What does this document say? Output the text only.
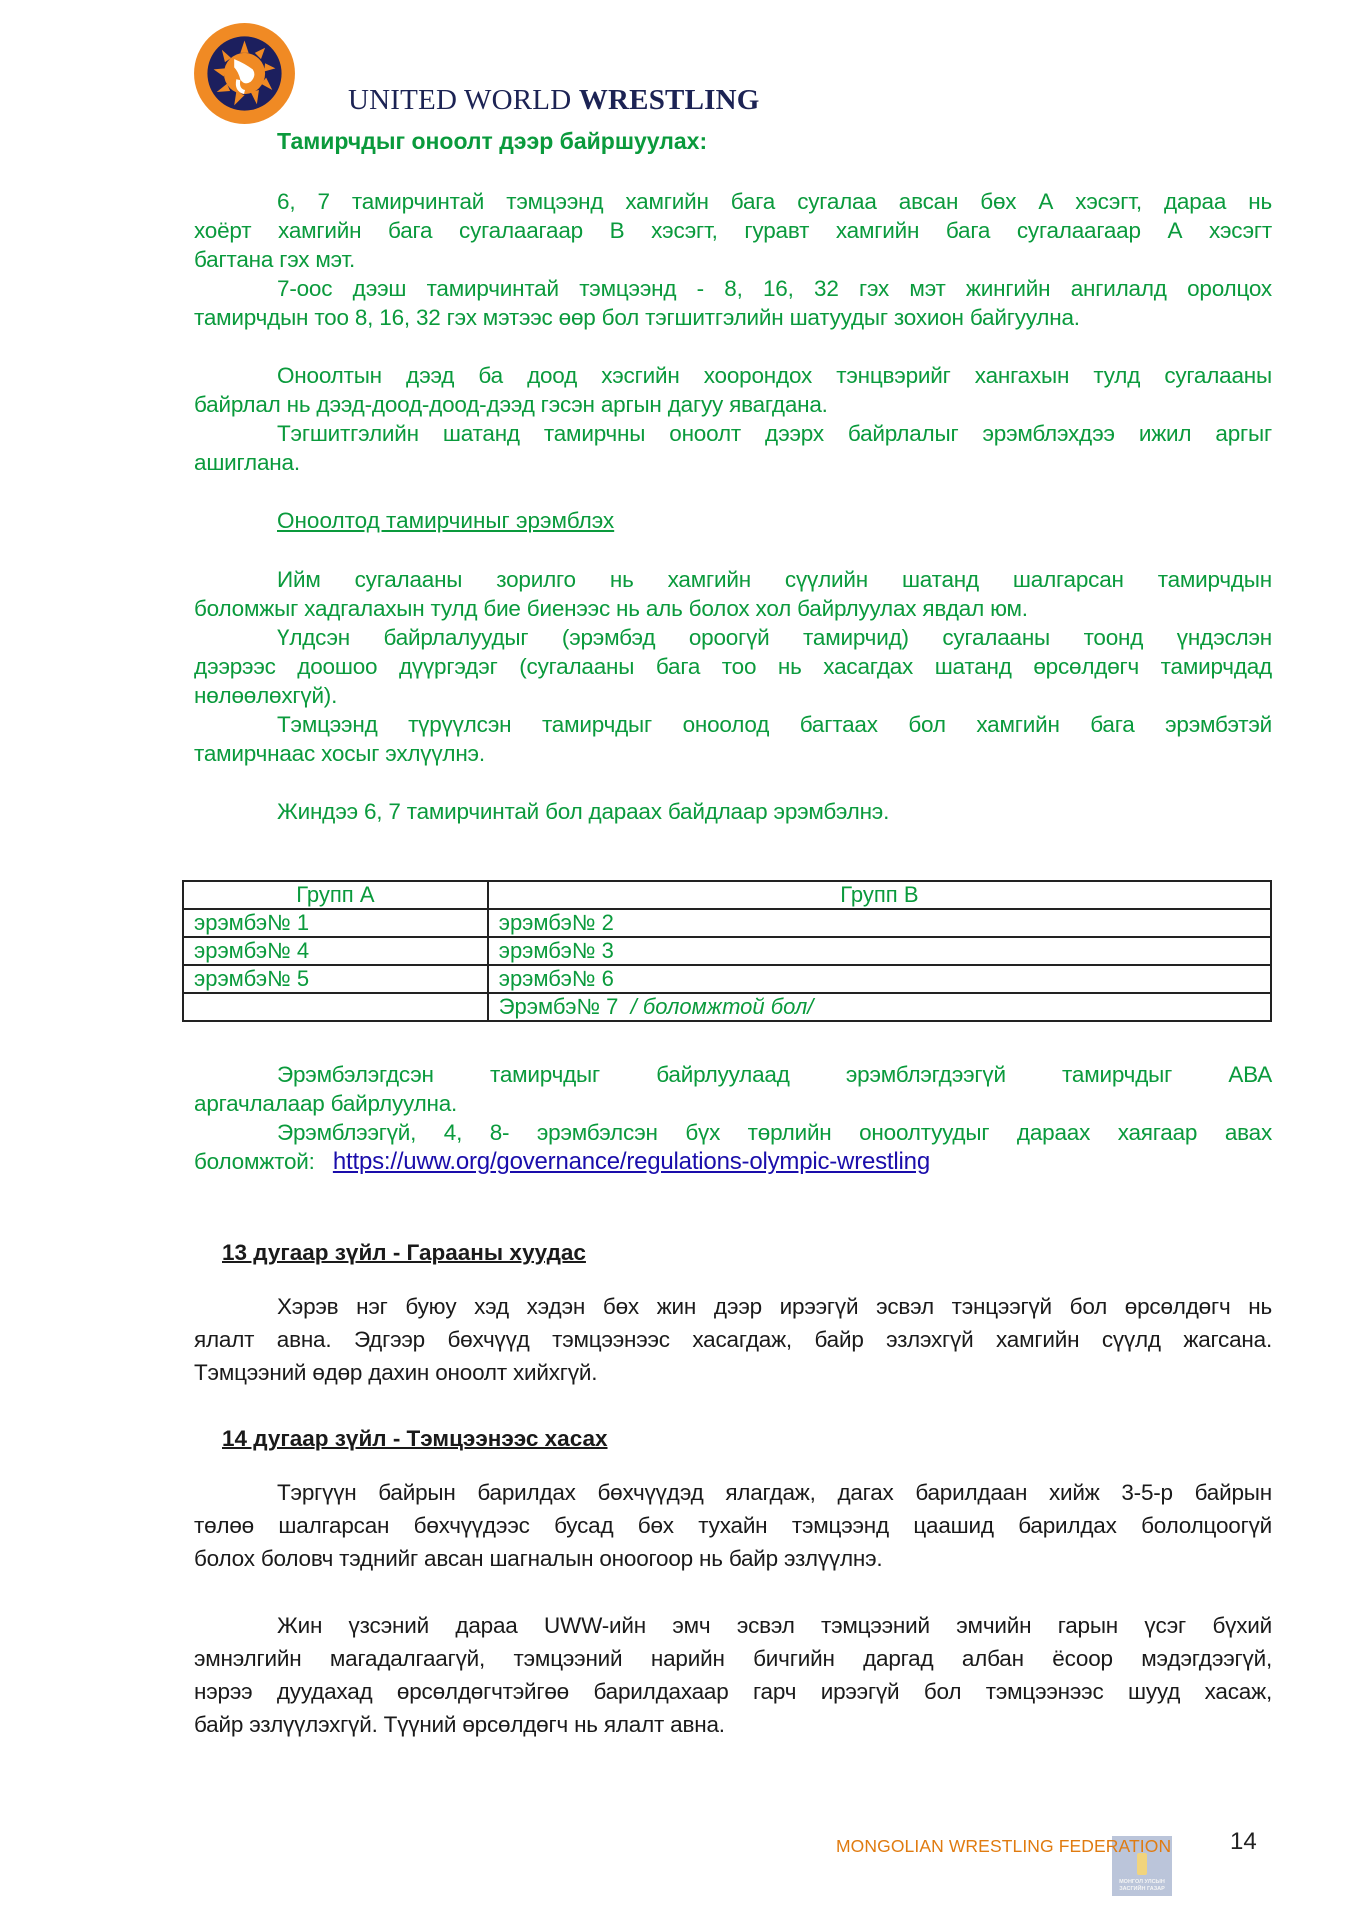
UNITED WORLD WRESTLING
Тамирчдыг оноолт дээр байршуулах:
6, 7 тамирчинтай тэмцээнд хамгийн бага сугалаа авсан бөх А хэсэгт, дараа нь
хоёрт хамгийн бага сугалаагаар В хэсэгт, гуравт хамгийн бага сугалаагаар А хэсэгт
багтана гэх мэт.
7-оос дээш тамирчинтай тэмцээнд - 8, 16, 32 гэх мэт жингийн ангилалд оролцох
тамирчдын тоо 8, 16, 32 гэх мэтээс өөр бол тэгшитгэлийн шатуудыг зохион байгуулна.
Оноолтын дээд ба доод хэсгийн хоорондох тэнцвэрийг хангахын тулд сугалааны
байрлал нь дээд-доод-доод-дээд гэсэн аргын дагуу явагдана.
Тэгшитгэлийн шатанд тамирчны оноолт дээрх байрлалыг эрэмблэхдээ ижил аргыг
ашиглана.
Оноолтод тамирчиныг эрэмблэх
Ийм сугалааны зорилго нь хамгийн сүүлийн шатанд шалгарсан тамирчдын
боломжыг хадгалахын тулд бие биенээс нь аль болох хол байрлуулах явдал юм.
Үлдсэн байрлалуудыг (эрэмбэд ороогүй тамирчид) сугалааны тоонд үндэслэн
дээрээс доошоо дүүргэдэг (сугалааны бага тоо нь хасагдах шатанд өрсөлдөгч тамирчдад
нөлөөлөхгүй).
Тэмцээнд түрүүлсэн тамирчдыг оноолод багтаах бол хамгийн бага эрэмбэтэй
тамирчнаас хосыг эхлүүлнэ.
Жиндээ 6, 7 тамирчинтай бол дараах байдлаар эрэмбэлнэ.
Групп А	Групп В
эрэмбэ№ 1	эрэмбэ№ 2
эрэмбэ№ 4	эрэмбэ№ 3
эрэмбэ№ 5	эрэмбэ№ 6
	Эрэмбэ№ 7  / боломжтой бол/
Эрэмбэлэгдсэн тамирчдыг байрлуулаад эрэмблэгдээгүй тамирчдыг АВА
аргачлалаар байрлуулна.
Эрэмблээгүй, 4, 8- эрэмбэлсэн бүх төрлийн оноолтуудыг дараах хаягаар авах
боломжтой:   https://uww.org/governance/regulations-olympic-wrestling
13 дугаар зүйл - Гарааны хуудас
Хэрэв нэг буюу хэд хэдэн бөх жин дээр ирээгүй эсвэл тэнцээгүй бол өрсөлдөгч нь
ялалт авна. Эдгээр бөхчүүд тэмцээнээс хасагдаж, байр эзлэхгүй хамгийн сүүлд жагсана.
Тэмцээний өдөр дахин оноолт хийхгүй.
14 дугаар зүйл - Тэмцээнээс хасах
Тэргүүн байрын барилдах бөхчүүдэд ялагдаж, дагах барилдаан хийж 3-5-р байрын
төлөө шалгарсан бөхчүүдээс бусад бөх тухайн тэмцээнд цаашид барилдах бололцоогүй
болох боловч тэднийг авсан шагналын оноогоор нь байр эзлүүлнэ.
Жин үзсэний дараа UWW-ийн эмч эсвэл тэмцээний эмчийн гарын үсэг бүхий
эмнэлгийн магадалгаагүй, тэмцээний нарийн бичгийн даргад албан ёсоор мэдэгдээгүй,
нэрээ дуудахад өрсөлдөгчтэйгөө барилдахаар гарч ирээгүй бол тэмцээнээс шууд хасаж,
байр эзлүүлэхгүй. Түүний өрсөлдөгч нь ялалт авна.
МОНГОЛ УЛСЫН
ЗАСГИЙН ГАЗАР
MONGOLIAN WRESTLING FEDERATION 14
